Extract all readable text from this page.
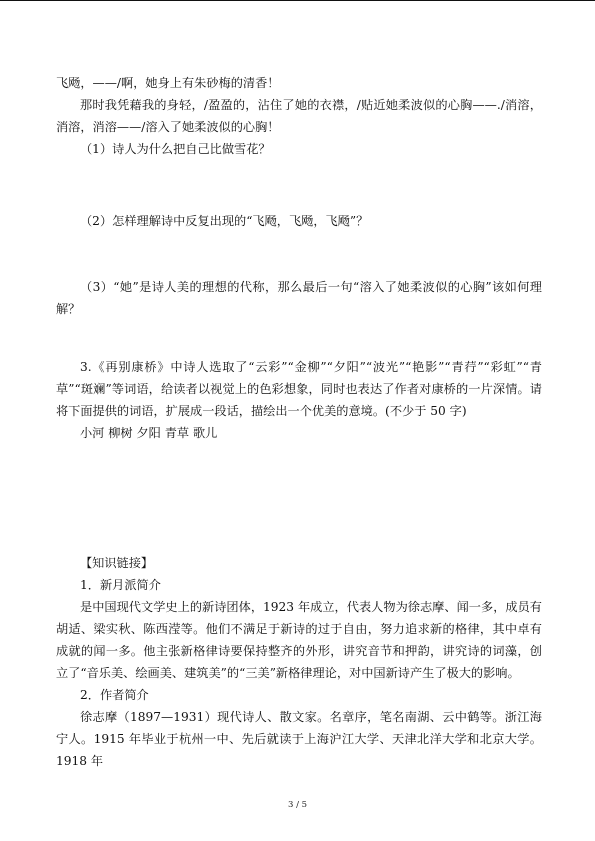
飞飏，——/啊，她身上有朱砂梅的清香！

那时我凭藉我的身轻，/盈盈的，沾住了她的衣襟，/贴近她柔波似的心胸——./消溶，消溶，消溶——/溶入了她柔波似的心胸！

（1）诗人为什么把自己比做雪花？

（2）怎样理解诗中反复出现的“飞飏，飞飏，飞飏”？

（3）“她”是诗人美的理想的代称，那么最后一句“溶入了她柔波似的心胸”该如何理解？

3.《再别康桥》中诗人选取了“云彩”“金柳”“夕阳”“波光”“艳影”“青荇”“彩虹”“青草”“斑斓”等词语，给读者以视觉上的色彩想象，同时也表达了作者对康桥的一片深情。请将下面提供的词语，扩展成一段话，描绘出一个优美的意境。(不少于 50 字)

小河 柳树 夕阳 青草 歌儿

【知识链接】

1．新月派简介

是中国现代文学史上的新诗团体，1923 年成立，代表人物为徐志摩、闻一多，成员有胡适、梁实秋、陈西滢等。他们不满足于新诗的过于自由，努力追求新的格律，其中卓有成就的闻一多。他主张新格律诗要保持整齐的外形，讲究音节和押韵，讲究诗的词藻，创立了“音乐美、绘画美、建筑美”的“三美”新格律理论，对中国新诗产生了极大的影响。

2．作者简介

徐志摩（1897—1931）现代诗人、散文家。名章序，笔名南湖、云中鹤等。浙江海宁人。1915 年毕业于杭州一中、先后就读于上海沪江大学、天津北洋大学和北京大学。1918 年

3 / 5
